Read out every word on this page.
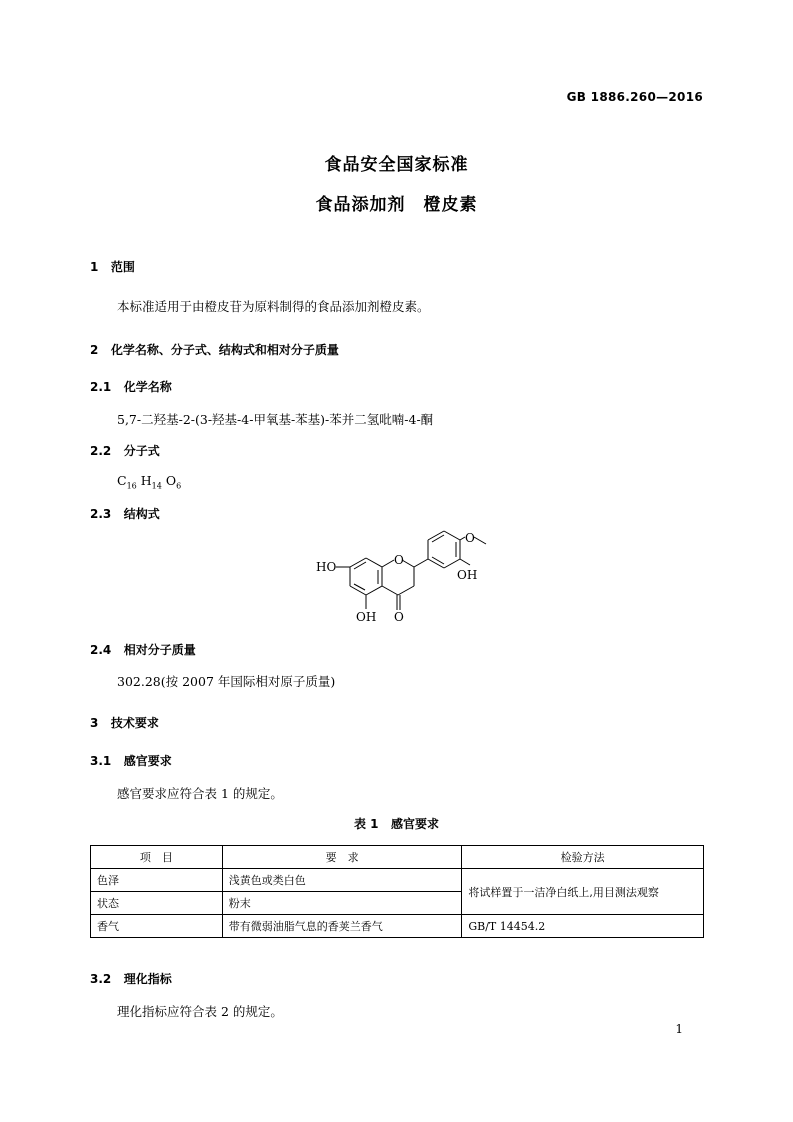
GB 1886.260—2016
食品安全国家标准
食品添加剂　橙皮素
1   范围
本标准适用于由橙皮苷为原料制得的食品添加剂橙皮素。
2   化学名称、分子式、结构式和相对分子质量
2.1   化学名称
5,7-二羟基-2-(3-羟基-4-甲氧基-苯基)-苯并二氢吡喃-4-酮
2.2   分子式
$C_{16}$ $H_{14}$ $O_6$
2.3   结构式
HO
OH O
O
OH
O
2.4   相对分子质量
302.28(按 2007 年国际相对原子质量)
3   技术要求
3.1   感官要求
感官要求应符合表 1 的规定。
表 1   感官要求
项　目	要　求	检验方法
色泽	浅黄色或类白色	将试样置于一洁净白纸上,用目测法观察
状态	粉末	
香气	带有微弱油脂气息的香荚兰香气	GB/T 14454.2
3.2   理化指标
理化指标应符合表 2 的规定。
1
